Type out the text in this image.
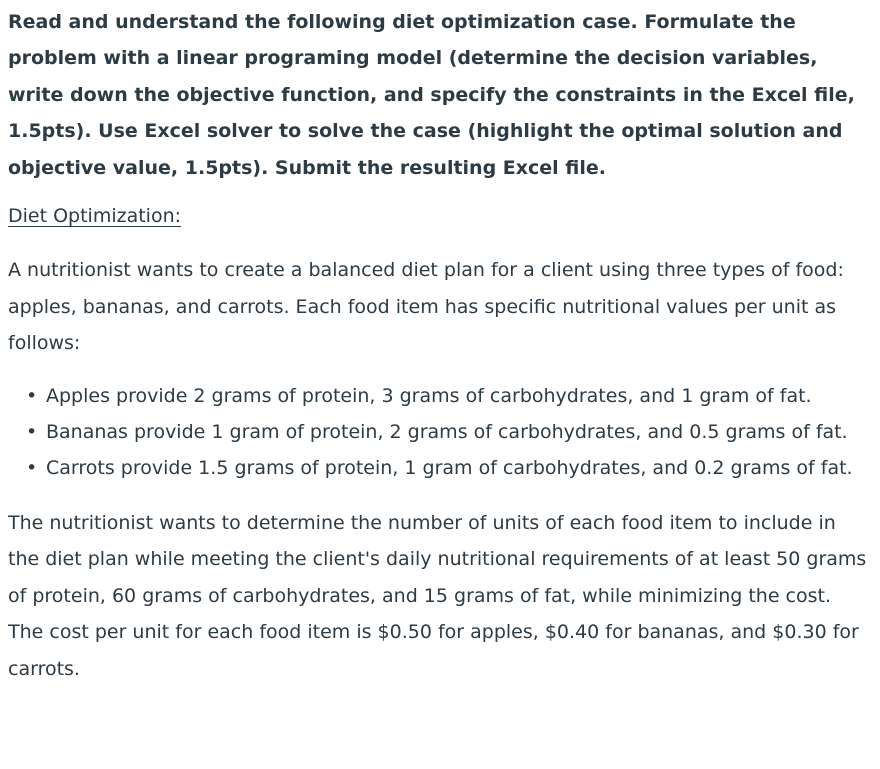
Read and understand the following diet optimization case. Formulate the problem with a linear programing model (determine the decision variables, write down the objective function, and specify the constraints in the Excel file, 1.5pts). Use Excel solver to solve the case (highlight the optimal solution and objective value, 1.5pts). Submit the resulting Excel file.

Diet Optimization:

A nutritionist wants to create a balanced diet plan for a client using three types of food: apples, bananas, and carrots. Each food item has specific nutritional values per unit as follows:

• Apples provide 2 grams of protein, 3 grams of carbohydrates, and 1 gram of fat.
• Bananas provide 1 gram of protein, 2 grams of carbohydrates, and 0.5 grams of fat.
• Carrots provide 1.5 grams of protein, 1 gram of carbohydrates, and 0.2 grams of fat.

The nutritionist wants to determine the number of units of each food item to include in the diet plan while meeting the client's daily nutritional requirements of at least 50 grams of protein, 60 grams of carbohydrates, and 15 grams of fat, while minimizing the cost. The cost per unit for each food item is $0.50 for apples, $0.40 for bananas, and $0.30 for carrots.
